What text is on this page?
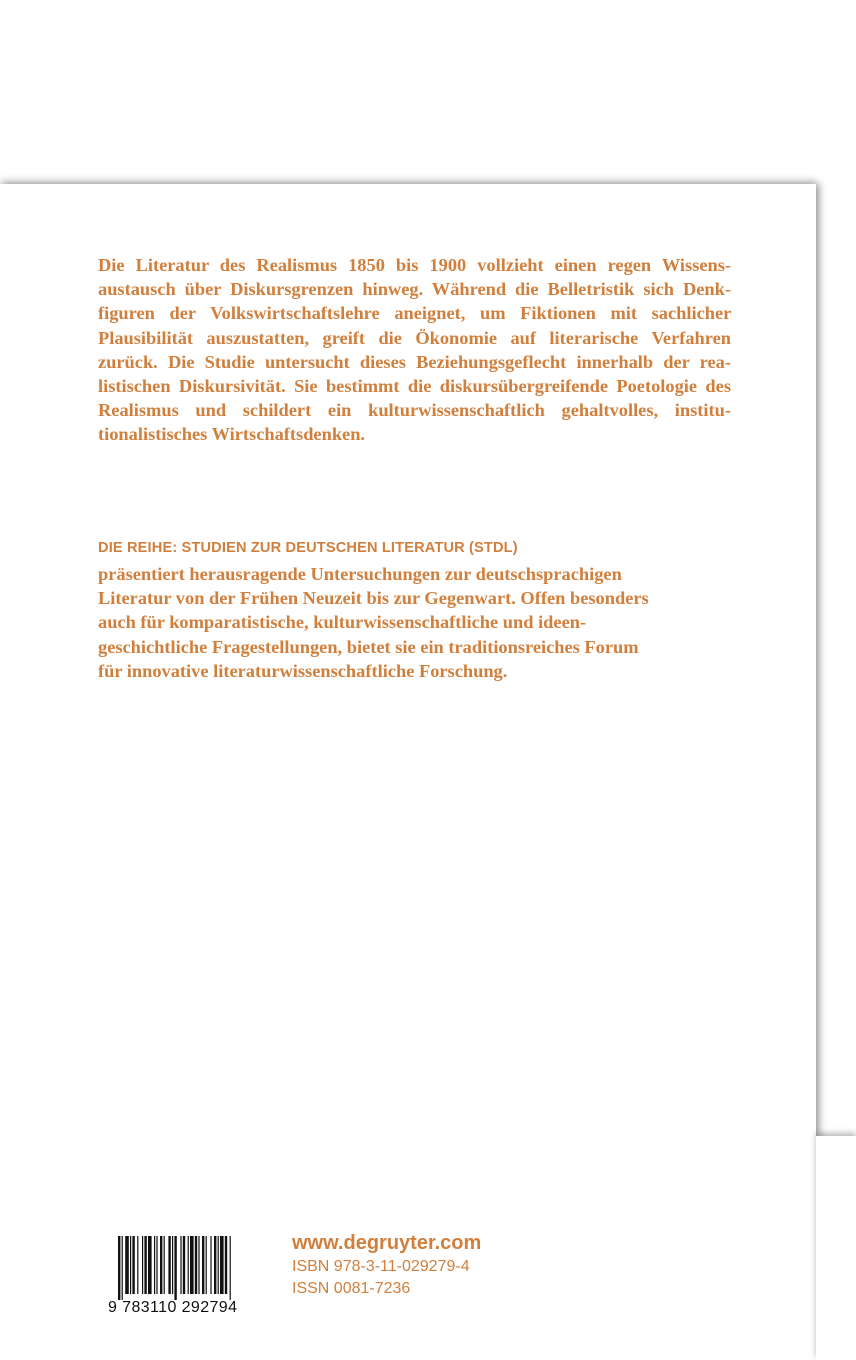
Die Literatur des Realismus 1850 bis 1900 vollzieht einen regen Wissens- austausch über Diskursgrenzen hinweg. Während die Belletristik sich Denk- figuren der Volkswirtschaftslehre aneignet, um Fiktionen mit sachlicher Plausibilität auszustatten, greift die Ökonomie auf literarische Verfahren zurück. Die Studie untersucht dieses Beziehungsgeflecht innerhalb der rea- listischen Diskursivität. Sie bestimmt die diskursübergreifende Poetologie des Realismus und schildert ein kulturwissenschaftlich gehaltvolles, institu- tionalistisches Wirtschaftsdenken.

DIE REIHE: STUDIEN ZUR DEUTSCHEN LITERATUR (STDL)

präsentiert herausragende Untersuchungen zur deutschsprachigen
Literatur von der Frühen Neuzeit bis zur Gegenwart. Offen besonders
auch für komparatistische, kulturwissenschaftliche und ideen-
geschichtliche Fragestellungen, bietet sie ein traditionsreiches Forum
für innovative literaturwissenschaftliche Forschung.

9 783110 292794
www.degruyter.com
ISBN 978-3-11-029279-4
ISSN 0081-7236
